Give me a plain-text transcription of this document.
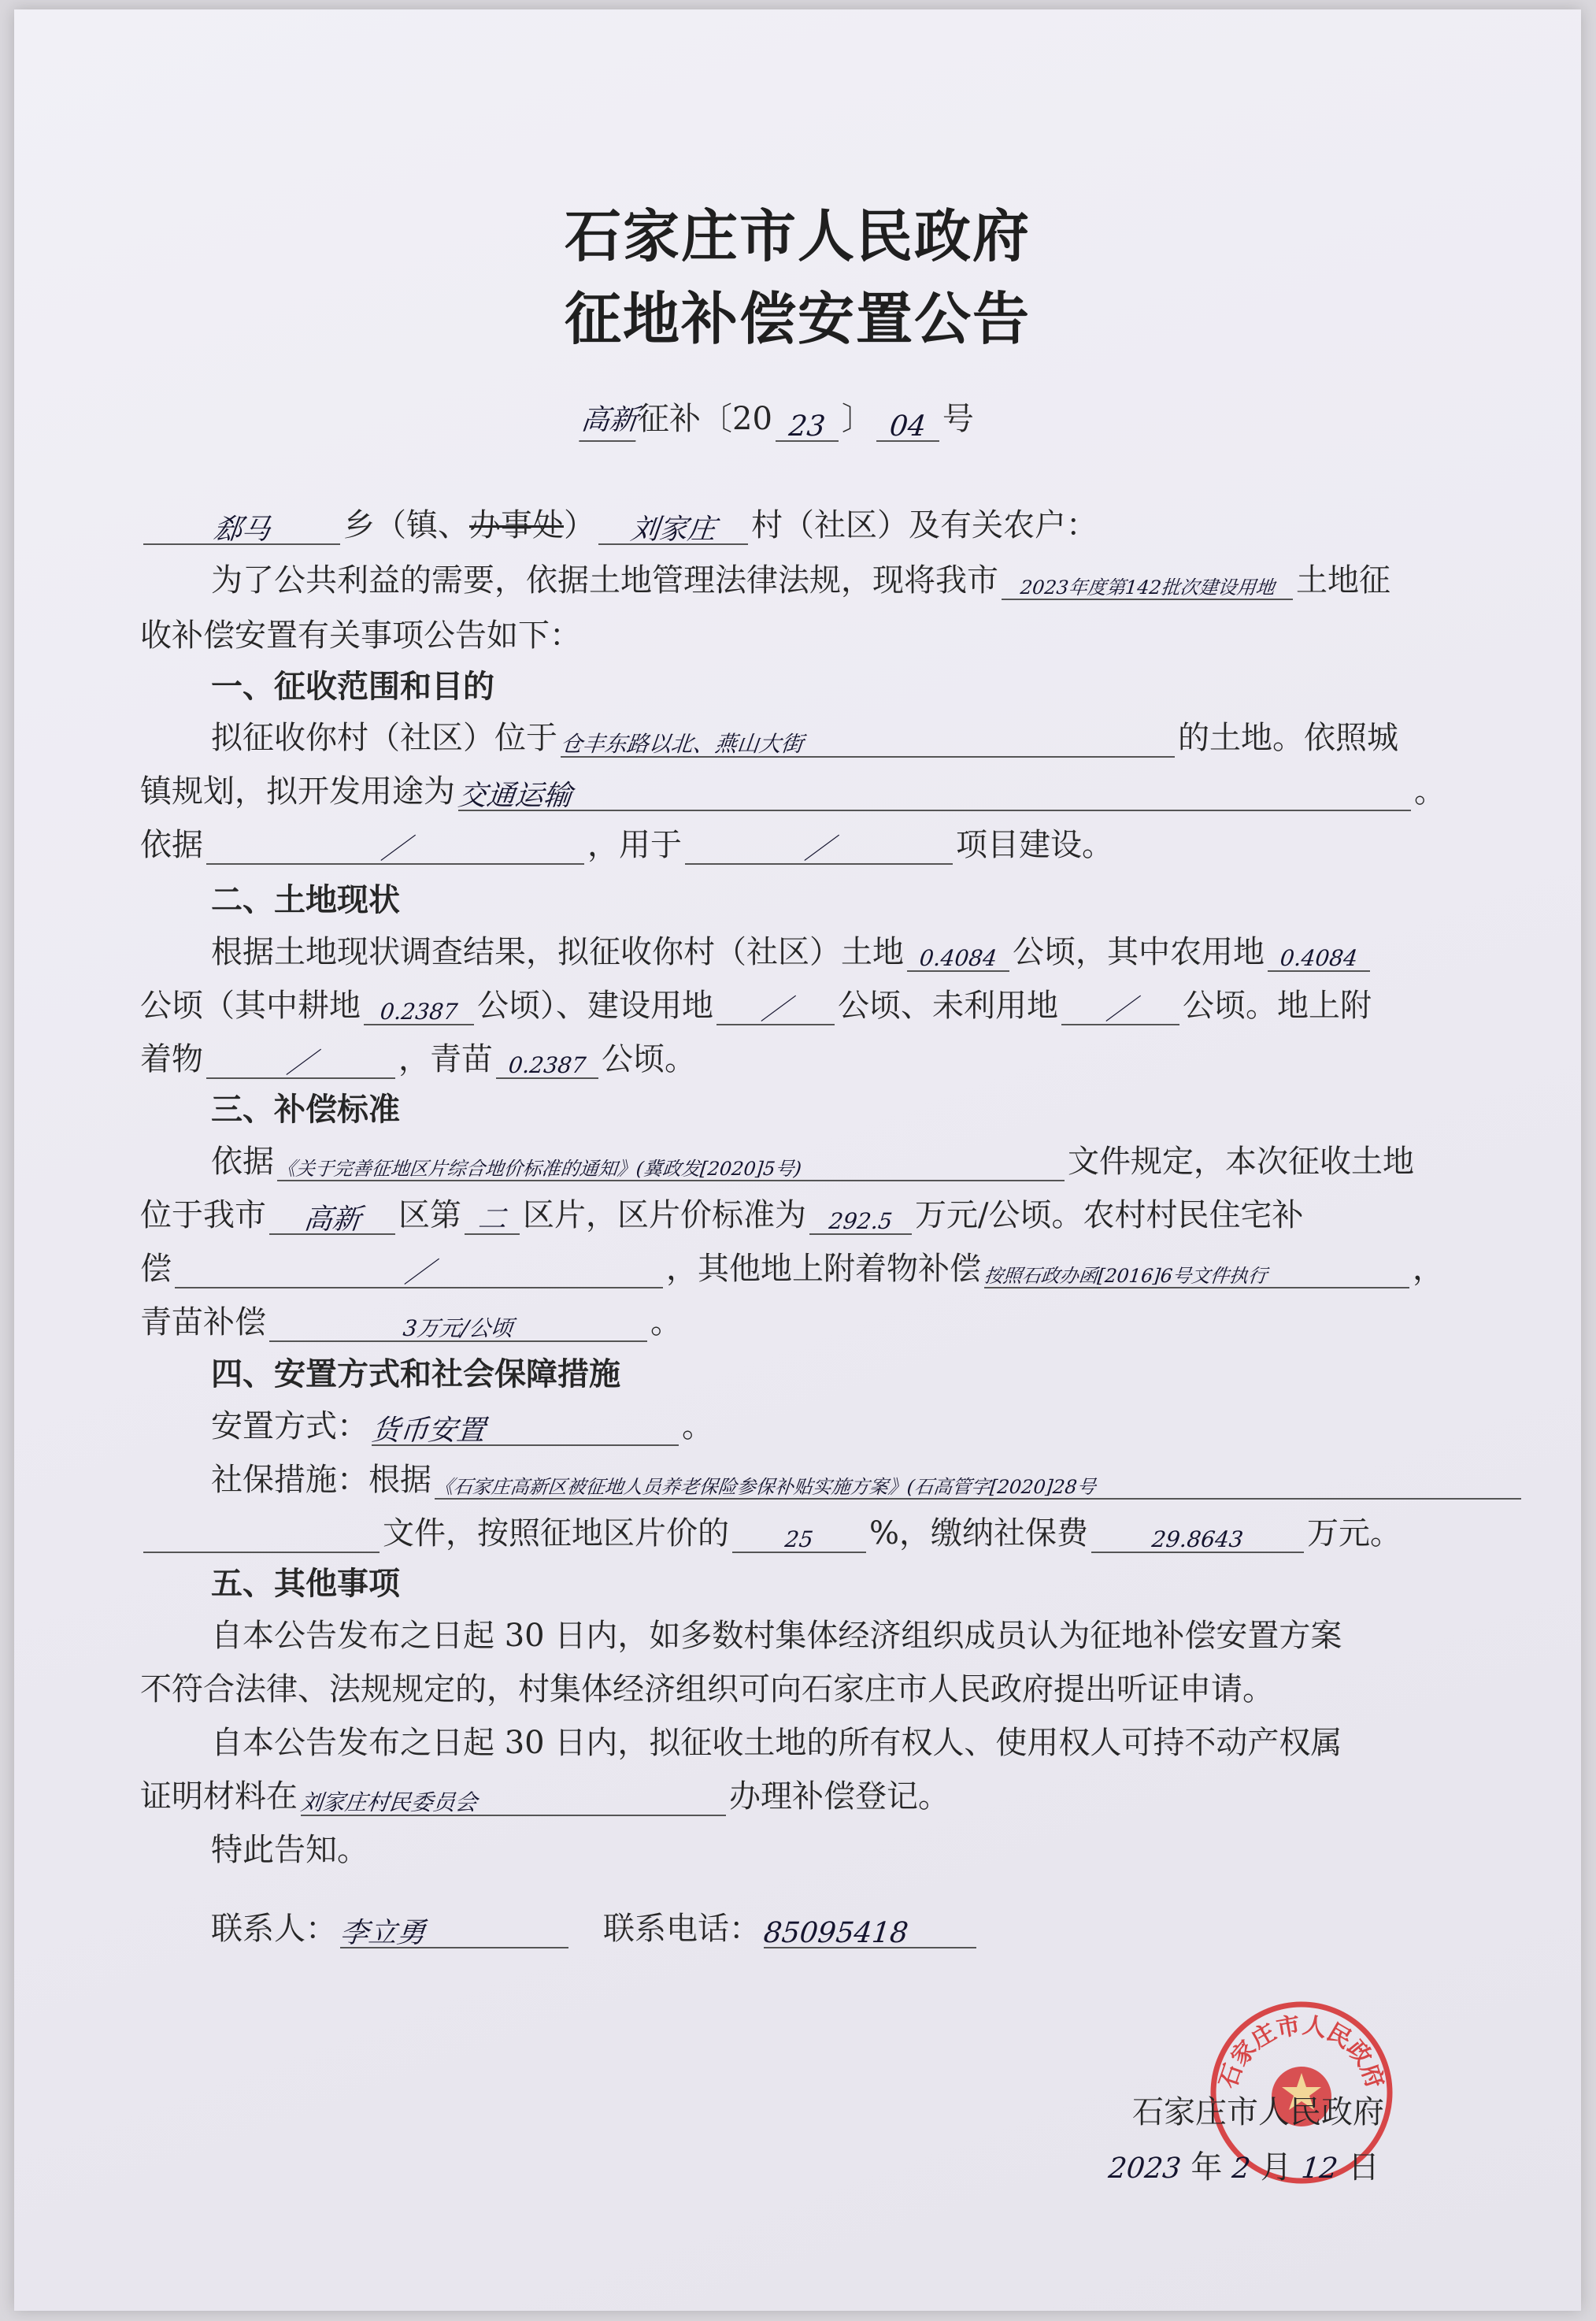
石家庄市人民政府
征地补偿安置公告
高新征补〔20 23 〕 04 号
郄马 乡（镇、办事处） 刘家庄 村（社区）及有关农户：
为了公共利益的需要，依据土地管理法律法规，现将我市 2023年度第142批次建设用地 土地征
收补偿安置有关事项公告如下：
一、征收范围和目的
拟征收你村（社区）位于仓丰东路以北、燕山大街	的土地。依照城
镇规划，拟开发用途为交通运输	。
依据	／	，用于	／	项目建设。
二、土地现状
根据土地现状调查结果，拟征收你村（社区）土地 0.4084 公顷，其中农用地 0.4084
公顷（其中耕地 0.2387 公顷）、建设用地 ／ 公顷、未利用地 ／ 公顷。地上附
着物	／	，青苗 0.2387 公顷。
三、补偿标准
依据 《关于完善征地区片综合地价标准的通知》(冀政发[2020]5号)	文件规定，本次征收土地
位于我市 高新 区第 二 区片，区片价标准为 292.5 万元/公顷。农村村民住宅补
偿	／	，其他地上附着物补偿 按照石政办函[2016]6号文件执行	，
青苗补偿	3万元/公顷	。
四、安置方式和社会保障措施
安置方式：货币安置	。
社保措施：根据 《石家庄高新区被征地人员养老保险参保补贴实施方案》(石高管字[2020]28号
文件，按照征地区片价的 25 %，缴纳社保费	29.8643 万元。
五、其他事项
自本公告发布之日起 30 日内，如多数村集体经济组织成员认为征地补偿安置方案
不符合法律、法规规定的，村集体经济组织可向石家庄市人民政府提出听证申请。
自本公告发布之日起 30 日内，拟征收土地的所有权人、使用权人可持不动产权属
证明材料在刘家庄村民委员会	办理补偿登记。
特此告知。
联系人：李立勇	联系电话：85095418
石家庄市人民政府
石家庄市人民政府
2023 年 2 月 12 日
